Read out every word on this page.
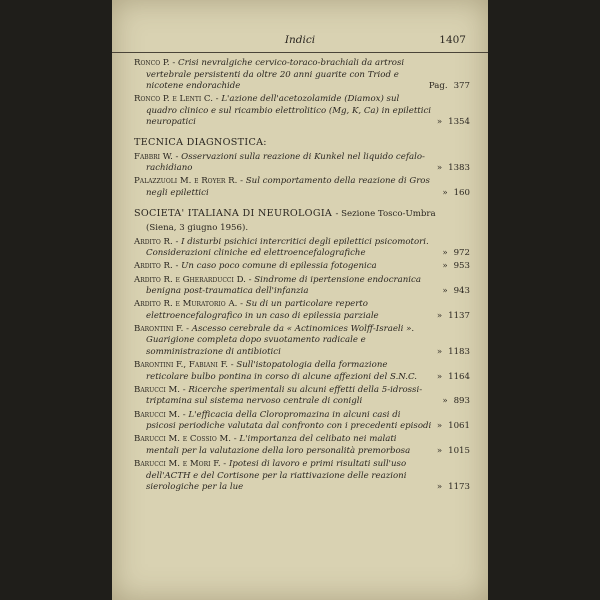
Indici	1407
Ronco P. - Crisi nevralgiche cervico-toraco-brachiali da artrosi vertebrale persistenti da oltre 20 anni guarite con Triod e nicotene endorachide	Pag. 377
Ronco P. e Lenti C. - L'azione dell'acetozolamide (Diamox) sul quadro clinico e sul ricambio elettrolitico (Mg, K, Ca) in epilettici neuropatici	» 1354
TECNICA DIAGNOSTICA:
Fabbri W. - Osservazioni sulla reazione di Kunkel nel liquido cefalo-rachidiano	» 1383
Palazzuoli M. e Royer R. - Sul comportamento della reazione di Gros negli epilettici	» 160
SOCIETA' ITALIANA DI NEUROLOGIA - Sezione Tosco-Umbra
(Siena, 3 giugno 1956).
Ardito R. - I disturbi psichici intercritici degli epilettici psicomotori. Considerazioni cliniche ed elettroencefalografiche	» 972
Ardito R. - Un caso poco comune di epilessia fotogenica	» 953
Ardito R. e Gherarducci D. - Sindrome di ipertensione endocranica benigna post-traumatica dell'infanzia	» 943
Ardito R. e Muratorio A. - Su di un particolare reperto elettroencefalografico in un caso di epilessia parziale	» 1137
Barontini F. - Ascesso cerebrale da « Actinomices Wolff-Israeli ». Guarigione completa dopo svuotamento radicale e somministrazione di antibiotici	» 1183
Barontini F., Fabiani F. - Sull'istopatologia della formazione reticolare bulbo pontina in corso di alcune affezioni del S.N.C. » 1164
Barucci M. - Ricerche sperimentali su alcuni effetti della 5-idrossi-triptamina sul sistema nervoso centrale di conigli	» 893
Barucci M. - L'efficacia della Cloropromazina in alcuni casi di psicosi periodiche valutata dal confronto con i precedenti episodi » 1061
Barucci M. e Cossio M. - L'importanza del celibato nei malati mentali per la valutazione della loro personalità premorbosa	» 1015
Barucci M. e Mori F. - Ipotesi di lavoro e primi risultati sull'uso dell'ACTH e del Cortisone per la riattivazione delle reazioni sierologiche per la lue	» 1173
